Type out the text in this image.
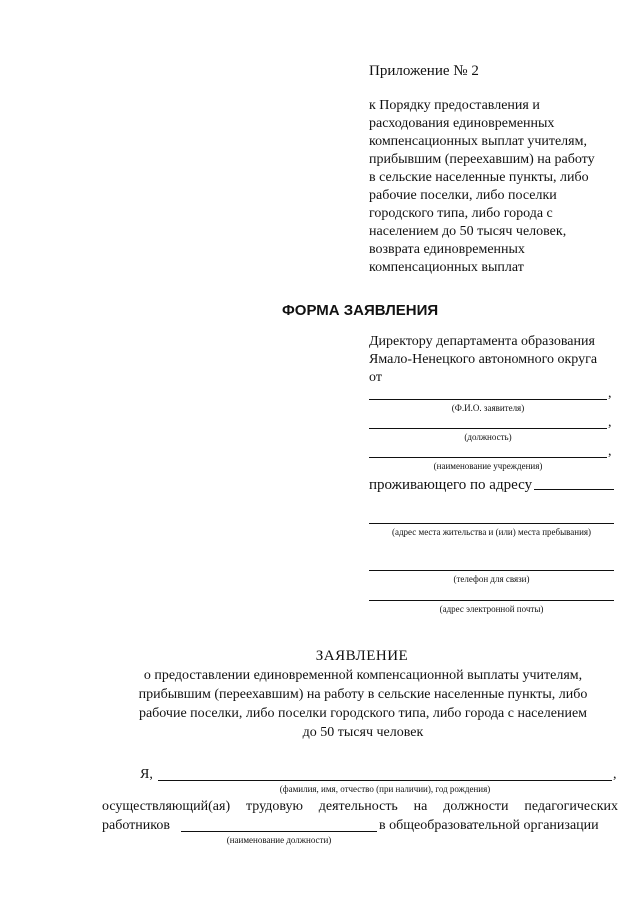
Приложение № 2
к Порядку предоставления и
расходования единовременных
компенсационных выплат учителям,
прибывшим (переехавшим) на работу
в сельские населенные пункты, либо
рабочие поселки, либо поселки
городского типа, либо города с
населением до 50 тысяч человек,
возврата единовременных
компенсационных выплат
ФОРМА ЗАЯВЛЕНИЯ
Директору департамента образования
Ямало-Ненецкого автономного округа
от
,
(Ф.И.О. заявителя)
,
(должность)
,
(наименование учреждения)
проживающего по адресу
(адрес места жительства и (или) места пребывания)
(телефон для связи)
(адрес электронной почты)
ЗАЯВЛЕНИЕ
о предоставлении единовременной компенсационной выплаты учителям,
прибывшим (переехавшим) на работу в сельские населенные пункты, либо
рабочие поселки, либо поселки городского типа, либо города с населением
до 50 тысяч человек
Я,	,
(фамилия, имя, отчество (при наличии), год рождения)
осуществляющий(ая) трудовую деятельность на должности педагогических
работников	в общеобразовательной организации
(наименование должности)
